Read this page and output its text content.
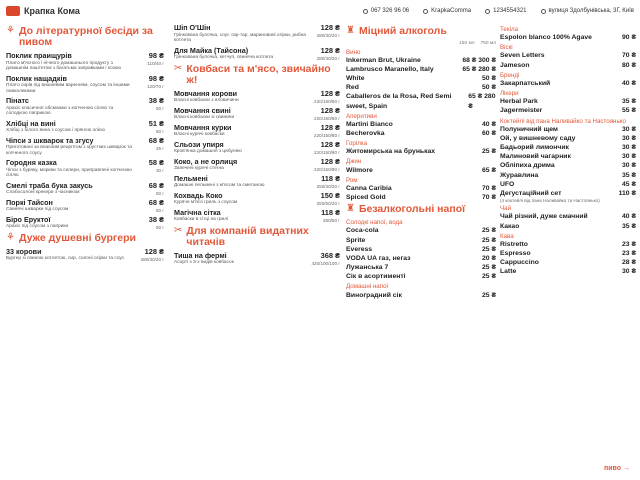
Крапка Кома	067 326 96 06	KrapkaComma	1234554321	вулиця Здолбунівська, 3Г, Київ
⚘ До літературної бесіди за пивом
Поклик праищурів	98 ₴
Плато м'ясного і нічного домашнього продукту з домашнім паштетом з багатьма заправками і козою
110/40 г
Поклик нащадків	98 ₴
Плато сирів під вишневим варенням, соусом та іншими смаколиками
120/70 г
Пінатс	38 ₴
Арахіс класичної обсмажки з копченою сіллю та солодкою паприкою
50 г
Хлібці на вині	51 ₴
Хлібці з білого вина з соусом і пряною олією	60 г
Чіпси з шкварок та згусу	68 ₴
Приготовані за власним рецептом з хрустких шкварок та копченого соусу
25 г
Городня казка	58 ₴
Чіпси з буряку, моркви та селери, приправлені копченою сіллю
30 г
Смелі траба бука закусь	68 ₴
Слабосолоні крекери з часником	50 г
Поркі Тайсон	68 ₴
Свинячі шкварки під соусом	50 г
Біро Еруктої	38 ₴
Арахіс під соусом з паприки	50 г
⚘ Дуже душевні бургери
33 корови	128 ₴
Бургер зі свиною котлетою, сир, солоні огірки та соус	280/30/20 г
Шіп О'Шін	128 ₴
Грінкована булочка, соус тар-тар, мариновані огірки, рибна котлета
280/30/20 г
Для Майка (Тайсона)	128 ₴
Грінкована булочка, кетчуп, свиняча котлета	280/30/20 г
✂ Ковбаси та м'ясо, звичайно ж!
Мовчання корови	128 ₴
Власні ковбаски з яловичини	220/150/80 г
Мовчання свині	128 ₴
Власні ковбаски зі свинини	220/150/80 г
Мовчання курки	128 ₴
Власні курячі ковбаски	220/150/80 г
Сльози упиря	128 ₴
Кров'янка домашня з цибулею	220/150/80 г
Коко, а не орлиця	128 ₴
Запечені курячі стегна	220/150/80 г
Пельмені	118 ₴
Домашні пельмені з м'ясом та сметаною	250/30/20 г
Кохвадь Коко	150 ₴
Куряче м'ясо гриль з соусом	250/50/20 г
Магічна сітка	118 ₴
Ковбаски в сітці на грилі	250/50 г
✂ Для компаній видатних читачів
Тиша на фермі	368 ₴
Асорті з 3-х видів ковбасок	420/100/100 г
♜ Міцний алкоголь
150 мл 750 мл
Вино
Inkerman Brut, Ukraine	68 ₴ 300 ₴
Lambrusco Maranello, Italy	65 ₴ 280 ₴
White	50 ₴
Red	50 ₴
Caballeros de la Rosa, Red Semi sweet, Spain
65 ₴ 280 ₴
Аперитиви
Martini Bianco	40 ₴
Becherovka	60 ₴
Горілка
Житомирська на бруньках	25 ₴
Джин
Wilmore	65 ₴
Ром
Canna Caribia	70 ₴
Spiced Gold	70 ₴
♜ Безалкогольні напої
Солодкі напої, вода
Coca-cola	25 ₴
Sprite	25 ₴
Everess	25 ₴
VODA UA газ, негаз	20 ₴
Лужанська 7	25 ₴
Сік в асортименті	25 ₴
Домашні напої
Виноградний сік	25 ₴
Текіла
Espolon blanco 100% Agave	90 ₴
Віскі
Seven Letters	70 ₴
Jameson	80 ₴
Бренді
Закарпатський	40 ₴
Лікери
Herbal Park	35 ₴
Jagermeister	55 ₴
Коктейлі від пана Наливайко та Настоянько
Полуничний щем	30 ₴
Ой, у вишневому саду	30 ₴
Бадьорий лимончик	30 ₴
Малиновий чагарник	30 ₴
Обліпиха дрима	30 ₴
Журавлина	35 ₴
UFO	45 ₴
Дегустаційний сет	110 ₴
(4 коктейлі від пана Наливайко та Настоянько)
Чай
Чай різний, дуже смачний	40 ₴
Какао	35 ₴
Кава
Ristretto	23 ₴
Espresso	23 ₴
Cappuccino	28 ₴
Latte	30 ₴
пиво →
